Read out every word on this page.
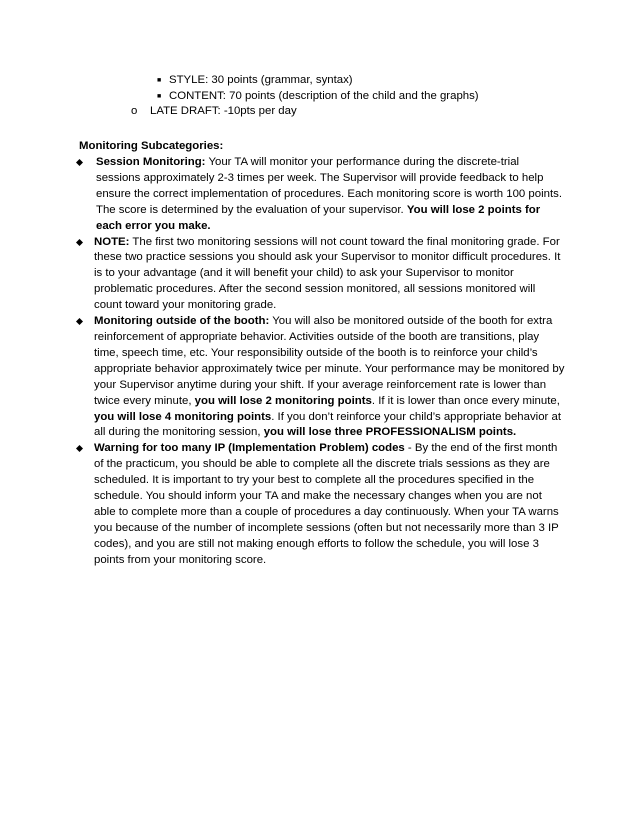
■ STYLE: 30 points (grammar, syntax)
■ CONTENT: 70 points (description of the child and the graphs)
o LATE DRAFT: -10pts per day
Monitoring Subcategories:
Session Monitoring: Your TA will monitor your performance during the discrete-trial sessions approximately 2-3 times per week. The Supervisor will provide feedback to help ensure the correct implementation of procedures. Each monitoring score is worth 100 points. The score is determined by the evaluation of your supervisor. You will lose 2 points for each error you make.
NOTE: The first two monitoring sessions will not count toward the final monitoring grade. For these two practice sessions you should ask your Supervisor to monitor difficult procedures. It is to your advantage (and it will benefit your child) to ask your Supervisor to monitor problematic procedures. After the second session monitored, all sessions monitored will count toward your monitoring grade.
Monitoring outside of the booth: You will also be monitored outside of the booth for extra reinforcement of appropriate behavior. Activities outside of the booth are transitions, play time, speech time, etc. Your responsibility outside of the booth is to reinforce your child’s appropriate behavior approximately twice per minute. Your performance may be monitored by your Supervisor anytime during your shift. If your average reinforcement rate is lower than twice every minute, you will lose 2 monitoring points. If it is lower than once every minute, you will lose 4 monitoring points. If you don’t reinforce your child’s appropriate behavior at all during the monitoring session, you will lose three PROFESSIONALISM points.
Warning for too many IP (Implementation Problem) codes - By the end of the first month of the practicum, you should be able to complete all the discrete trials sessions as they are scheduled. It is important to try your best to complete all the procedures specified in the schedule. You should inform your TA and make the necessary changes when you are not able to complete more than a couple of procedures a day continuously. When your TA warns you because of the number of incomplete sessions (often but not necessarily more than 3 IP codes), and you are still not making enough efforts to follow the schedule, you will lose 3 points from your monitoring score.
